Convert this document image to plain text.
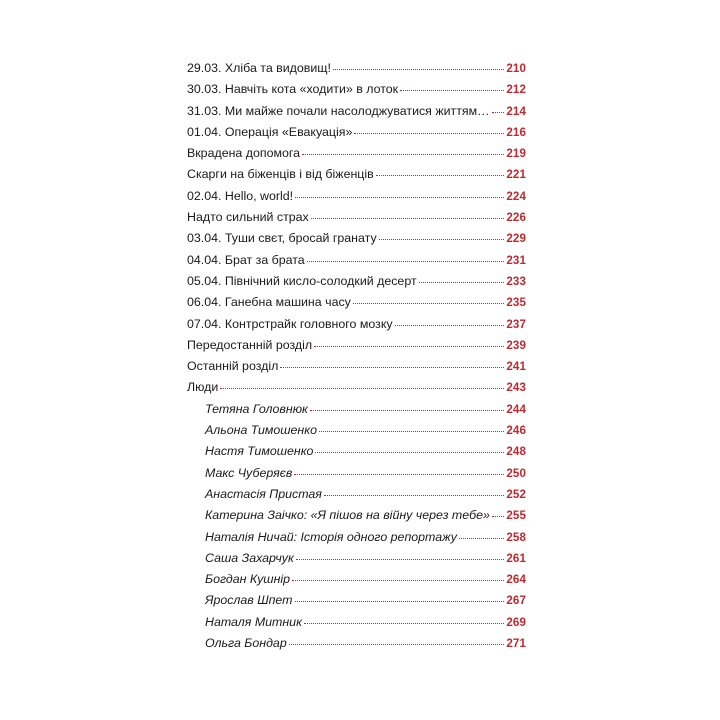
29.03. Хліба та видовищ!	210
30.03. Навчіть кота «ходити» в лоток	212
31.03. Ми майже почали насолоджуватися життям… 214
01.04. Операція «Евакуація»	216
Вкрадена допомога	219
Скарги на біженців і від біженців	221
02.04. Hello, world!	224
Надто сильний страх	226
03.04. Туши свєт, бросай гранату	229
04.04. Брат за брата	231
05.04. Північний кисло-солодкий десерт	233
06.04. Ганебна машина часу	235
07.04. Контрстрайк головного мозку	237
Передостанній розділ	239
Останній розділ	241
Люди	243
Тетяна Головнюк	244
Альона Тимошенко	246
Настя Тимошенко	248
Макс Чуберяєв	250
Анастасія Пристая	252
Катерина Заічко: «Я пішов на війну через тебе» 255
Наталія Ничай: Історія одного репортажу	258
Саша Захарчук	261
Богдан Кушнір	264
Ярослав Шпет	267
Наталя Митник	269
Ольга Бондар	271
